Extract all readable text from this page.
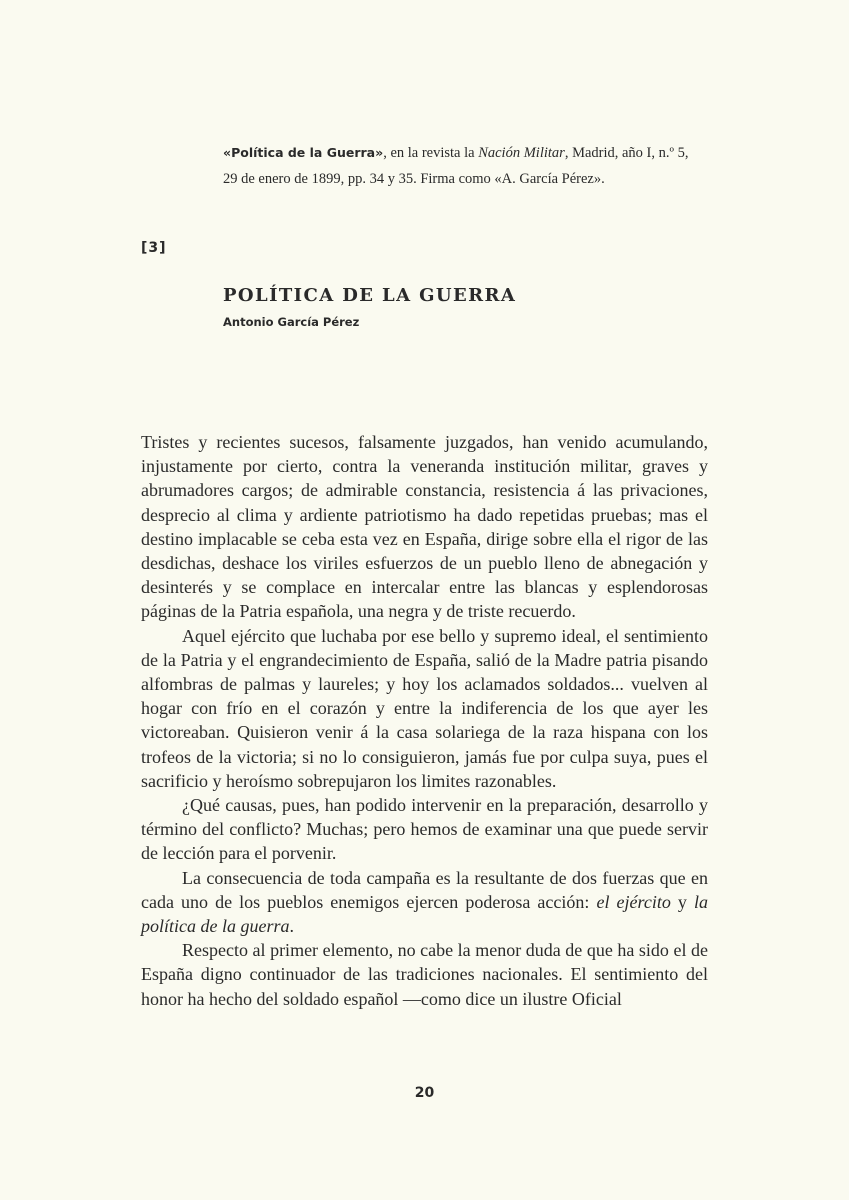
«Política de la Guerra», en la revista la Nación Militar, Madrid, año I, n.º 5, 29 de enero de 1899, pp. 34 y 35. Firma como «A. García Pérez».
[3]
POLÍTICA DE LA GUERRA
Antonio García Pérez

Tristes y recientes sucesos, falsamente juzgados, han venido acumulando, injustamente por cierto, contra la veneranda institución militar, graves y abrumadores cargos; de admirable constancia, resistencia á las privaciones, desprecio al clima y ardiente patriotismo ha dado repetidas pruebas; mas el destino implacable se ceba esta vez en España, dirige sobre ella el rigor de las desdichas, deshace los viriles esfuerzos de un pueblo lleno de abnegación y desinterés y se complace en intercalar entre las blancas y esplendorosas páginas de la Patria española, una negra y de triste recuerdo.

Aquel ejército que luchaba por ese bello y supremo ideal, el sentimiento de la Patria y el engrandecimiento de España, salió de la Madre patria pisando alfombras de palmas y laureles; y hoy los aclamados soldados... vuelven al hogar con frío en el corazón y entre la indiferencia de los que ayer les victoreaban. Quisieron venir á la casa solariega de la raza hispana con los trofeos de la victoria; si no lo consiguieron, jamás fue por culpa suya, pues el sacrificio y heroísmo sobrepujaron los limites razonables.

¿Qué causas, pues, han podido intervenir en la preparación, desarrollo y término del conflicto? Muchas; pero hemos de examinar una que puede servir de lección para el porvenir.

La consecuencia de toda campaña es la resultante de dos fuerzas que en cada uno de los pueblos enemigos ejercen poderosa acción: el ejército y la política de la guerra.

Respecto al primer elemento, no cabe la menor duda de que ha sido el de España digno continuador de las tradiciones nacionales. El sentimiento del honor ha hecho del soldado español —como dice un ilustre Oficial

20
